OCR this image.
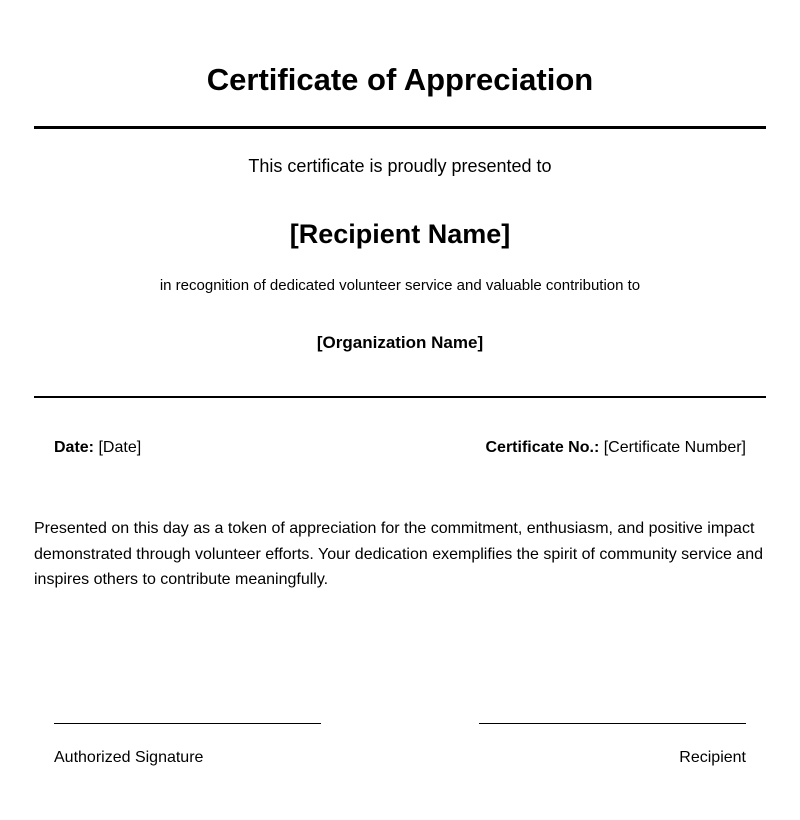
Certificate of Appreciation
This certificate is proudly presented to
[Recipient Name]
in recognition of dedicated volunteer service and valuable contribution to
[Organization Name]
Date: [Date]	Certificate No.: [Certificate Number]

Presented on this day as a token of appreciation for the commitment, enthusiasm, and positive impact demonstrated through volunteer efforts. Your dedication exemplifies the spirit of community service and inspires others to contribute meaningfully.

Authorized Signature	Recipient
